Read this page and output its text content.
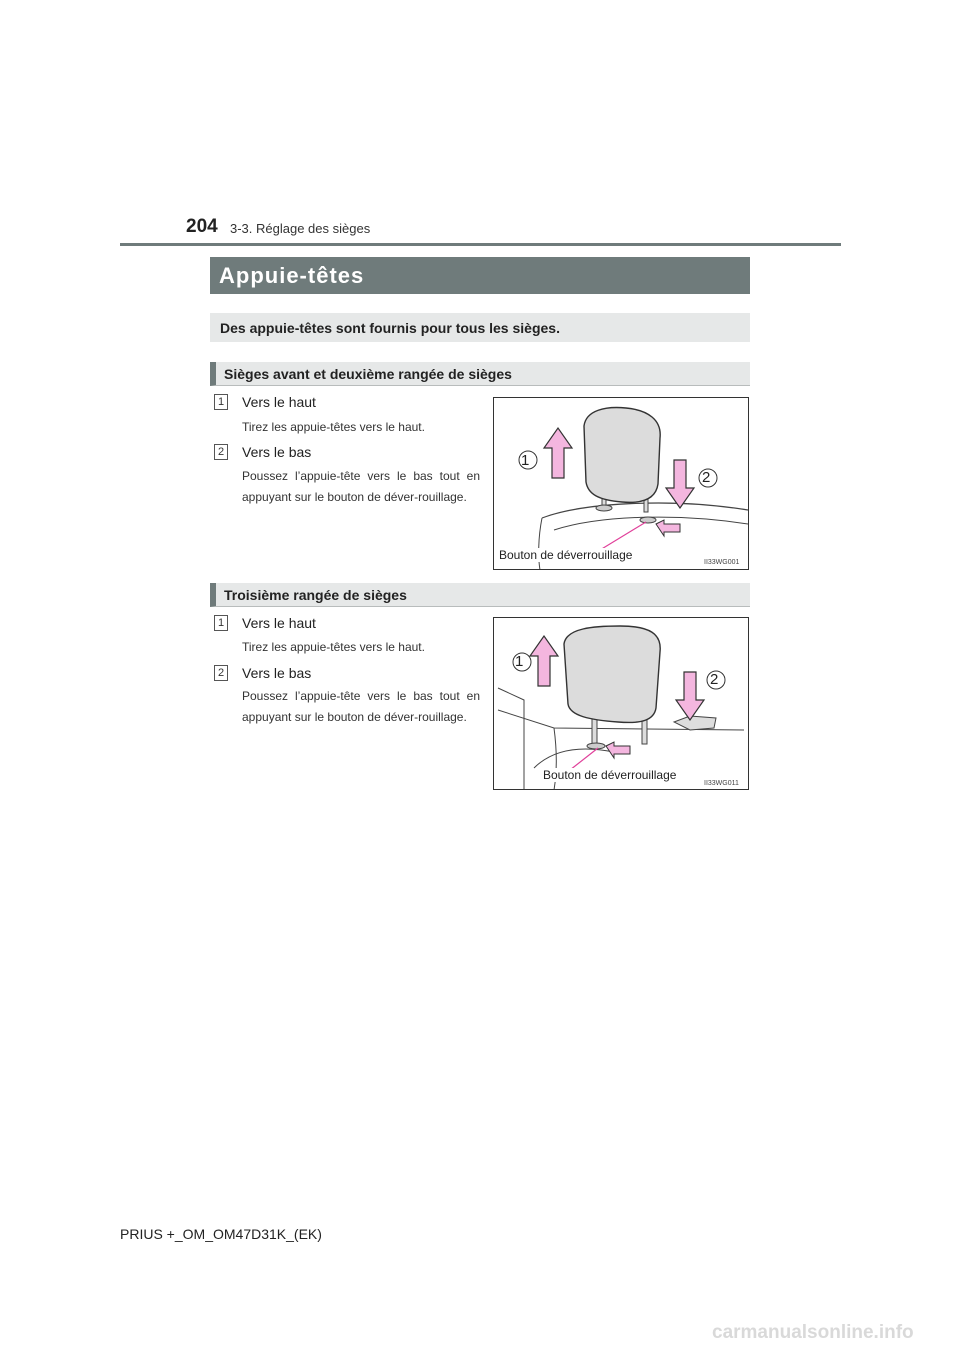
204 3-3. Réglage des sièges
Appuie-têtes
Des appuie-têtes sont fournis pour tous les sièges.
Sièges avant et deuxième rangée de sièges
1 Vers le haut
Tirez les appuie-têtes vers le haut.
2 Vers le bas
Poussez l’appuie-tête vers le bas tout en appuyant sur le bouton de déver-rouillage.
1
2
Bouton de déverrouillage
II33WG001
Troisième rangée de sièges
1 Vers le haut
Tirez les appuie-têtes vers le haut.
2 Vers le bas
Poussez l’appuie-tête vers le bas tout en appuyant sur le bouton de déver-rouillage.
1
2
Bouton de déverrouillage
II33WG011
PRIUS +_OM_OM47D31K_(EK)
carmanualsonline.info
